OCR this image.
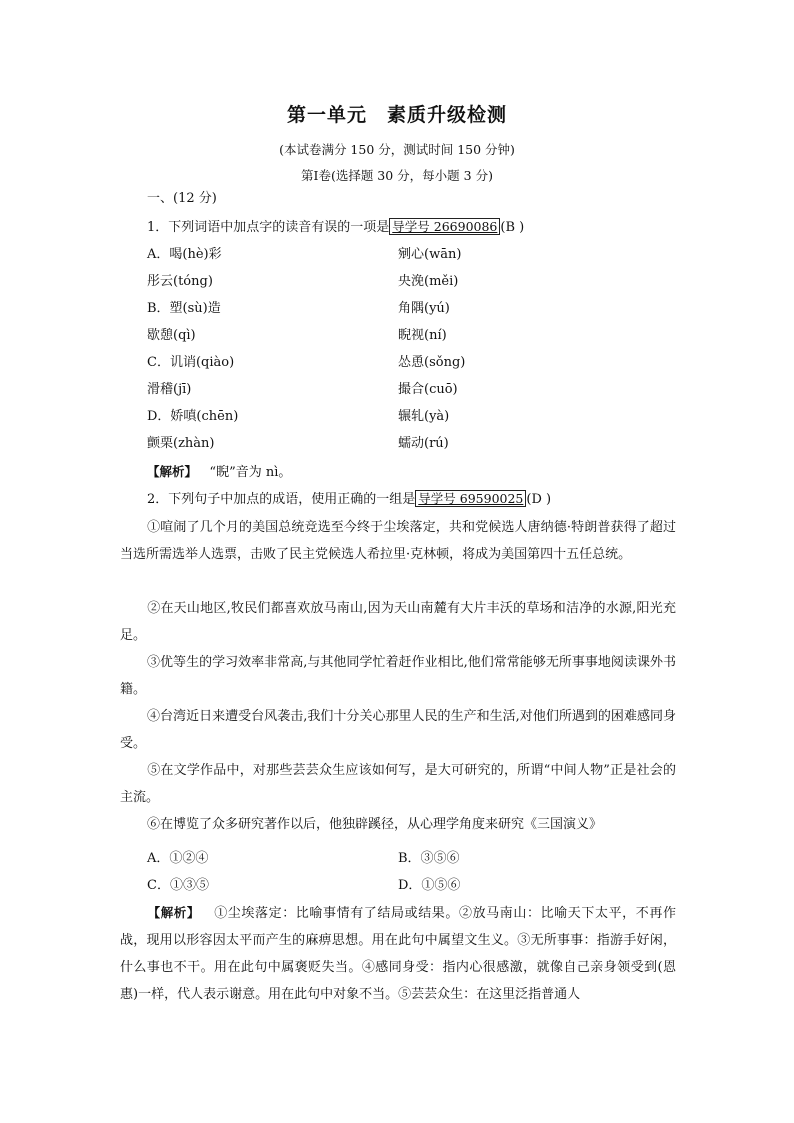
第一单元　素质升级检测
(本试卷满分 150 分，测试时间 150 分钟)
第Ⅰ卷(选择题 30 分，每小题 3 分)
一、(12 分)
1．下列词语中加点字的读音有误的一项是 导学号 26690086 (B )
A．喝(hè)彩	剜心(wān)
彤云(tóng)	央浼(měi)
B．塑(sù)造	角隅(yú)
歇憩(qì)	睨视(ní)
C．讥诮(qiào)	怂恿(sǒng)
滑稽(jī)	撮合(cuō)
D．娇嗔(chēn)	辗轧(yà)
颤栗(zhàn)	蠕动(rú)
【解析】 “睨”音为 nì。
2．下列句子中加点的成语，使用正确的一组是 导学号 69590025 (D )
①喧闹了几个月的美国总统竞选至今终于尘埃落定，共和党候选人唐纳德·特朗普获得了超过当选所需选举人选票，击败了民主党候选人希拉里·克林顿，将成为美国第四十五任总统。
②在天山地区,牧民们都喜欢放马南山,因为天山南麓有大片丰沃的草场和洁净的水源,阳光充足。
③优等生的学习效率非常高,与其他同学忙着赶作业相比,他们常常能够无所事事地阅读课外书籍。
④台湾近日来遭受台风袭击,我们十分关心那里人民的生产和生活,对他们所遇到的困难感同身受。
⑤在文学作品中，对那些芸芸众生应该如何写，是大可研究的，所谓“中间人物”正是社会的主流。
⑥在博览了众多研究著作以后，他独辟蹊径，从心理学角度来研究《三国演义》
A．①②④	B．③⑤⑥
C．①③⑤	D．①⑤⑥
【解析】 ①尘埃落定：比喻事情有了结局或结果。②放马南山：比喻天下太平，不再作战，现用以形容因太平而产生的麻痹思想。用在此句中属望文生义。③无所事事：指游手好闲，什么事也不干。用在此句中属褒贬失当。④感同身受：指内心很感激，就像自己亲身领受到(恩惠)一样，代人表示谢意。用在此句中对象不当。⑤芸芸众生：在这里泛指普通人
